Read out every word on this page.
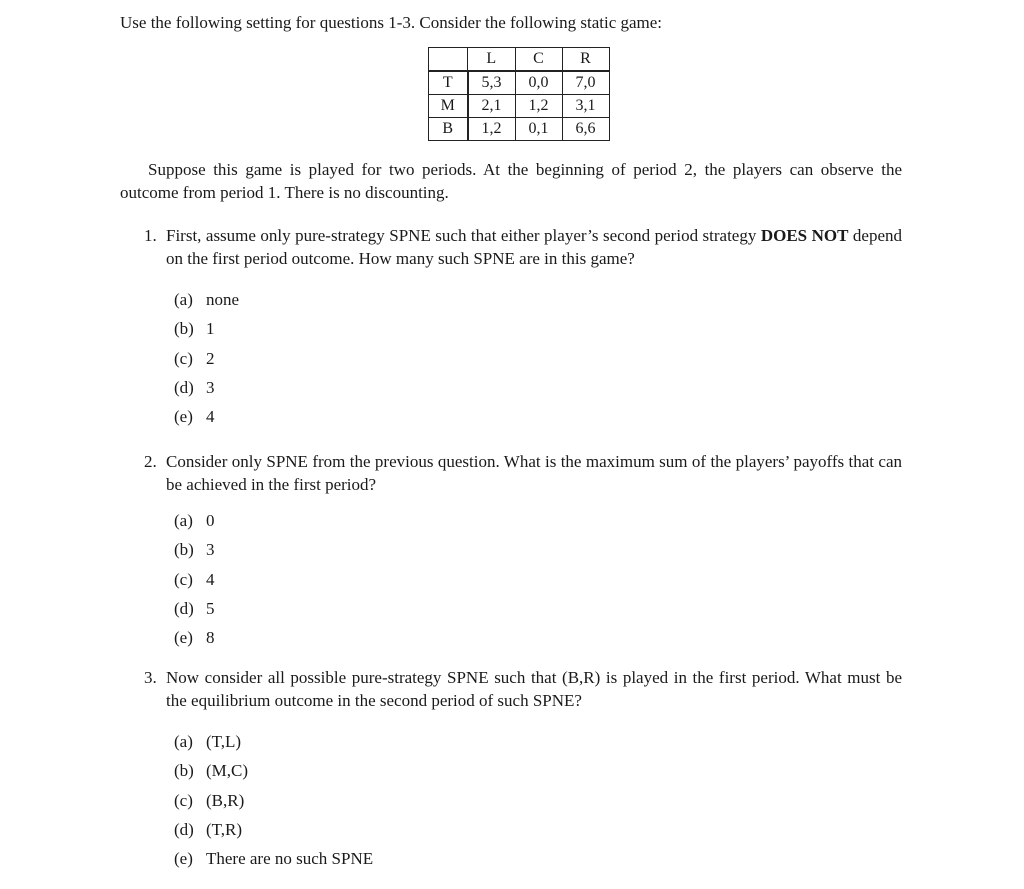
Use the following setting for questions 1-3. Consider the following static game:

	L	C	R
T	5,3	0,0	7,0
M	2,1	1,2	3,1
B	1,2	0,1	6,6

Suppose this game is played for two periods. At the beginning of period 2, the players can observe the outcome from period 1. There is no discounting.

1. First, assume only pure-strategy SPNE such that either player’s second period strategy DOES NOT depend on the first period outcome. How many such SPNE are in this game?

(a) none
(b) 1
(c) 2
(d) 3
(e) 4

2. Consider only SPNE from the previous question. What is the maximum sum of the players’ payoffs that can be achieved in the first period?

(a) 0
(b) 3
(c) 4
(d) 5
(e) 8

3. Now consider all possible pure-strategy SPNE such that (B,R) is played in the first period. What must be the equilibrium outcome in the second period of such SPNE?

(a) (T,L)
(b) (M,C)
(c) (B,R)
(d) (T,R)
(e) There are no such SPNE
